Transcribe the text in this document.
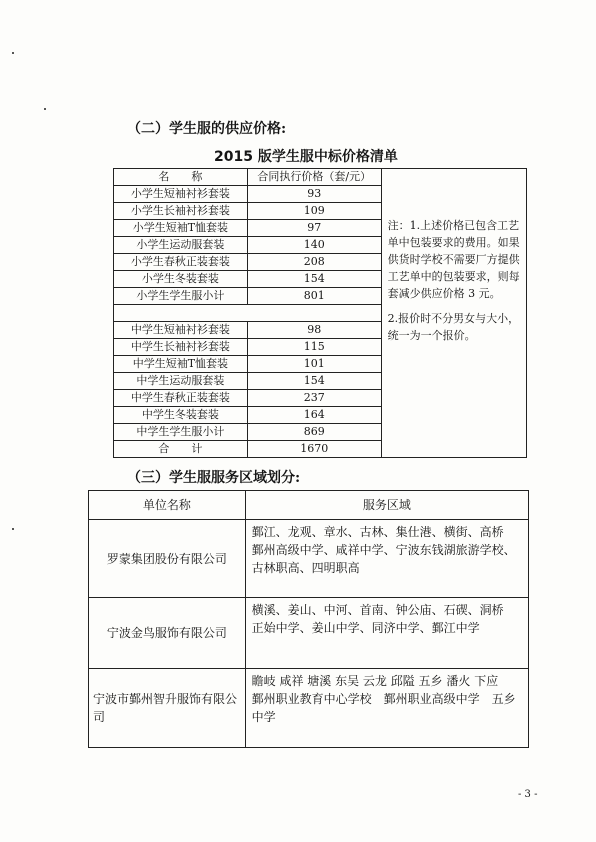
（二）学生服的供应价格:
2015 版学生服中标价格清单
名　　称	合同执行价格（套/元）	注：1.上述价格已包含工艺单中包装要求的费用。如果供货时学校不需要厂方提供工艺单中的包装要求，则每套减少供应价格 3 元。

2.报价时不分男女与大小，统一为一个报价。

小学生短袖衬衫套装	93	
小学生长袖衬衫套装	109	
小学生短袖T恤套装	97	
小学生运动服套装	140	
小学生春秋正装套装	208	
小学生冬装套装	154	
小学生学生服小计	801	

中学生短袖衬衫套装	98	
中学生长袖衬衫套装	115	
中学生短袖T恤套装	101	
中学生运动服套装	154	
中学生春秋正装套装	237	
中学生冬装套装	164	
中学生学生服小计	869	
合　　计	1670	
（三）学生服服务区域划分:
单位名称	服务区域
罗蒙集团股份有限公司	鄞江、龙观、章水、古林、集仕港、横街、高桥

鄞州高级中学、咸祥中学、宁波东钱湖旅游学校、古林职高、四明职高

宁波金鸟服饰有限公司	横溪、姜山、中河、首南、钟公庙、石碶、洞桥

正始中学、姜山中学、同济中学、鄞江中学

宁波市鄞州智升服饰有限公司	瞻岐 咸祥 塘溪 东吴 云龙 邱隘 五乡 潘火 下应

鄞州职业教育中心学校　鄞州职业高级中学　五乡中学

- 3 -
